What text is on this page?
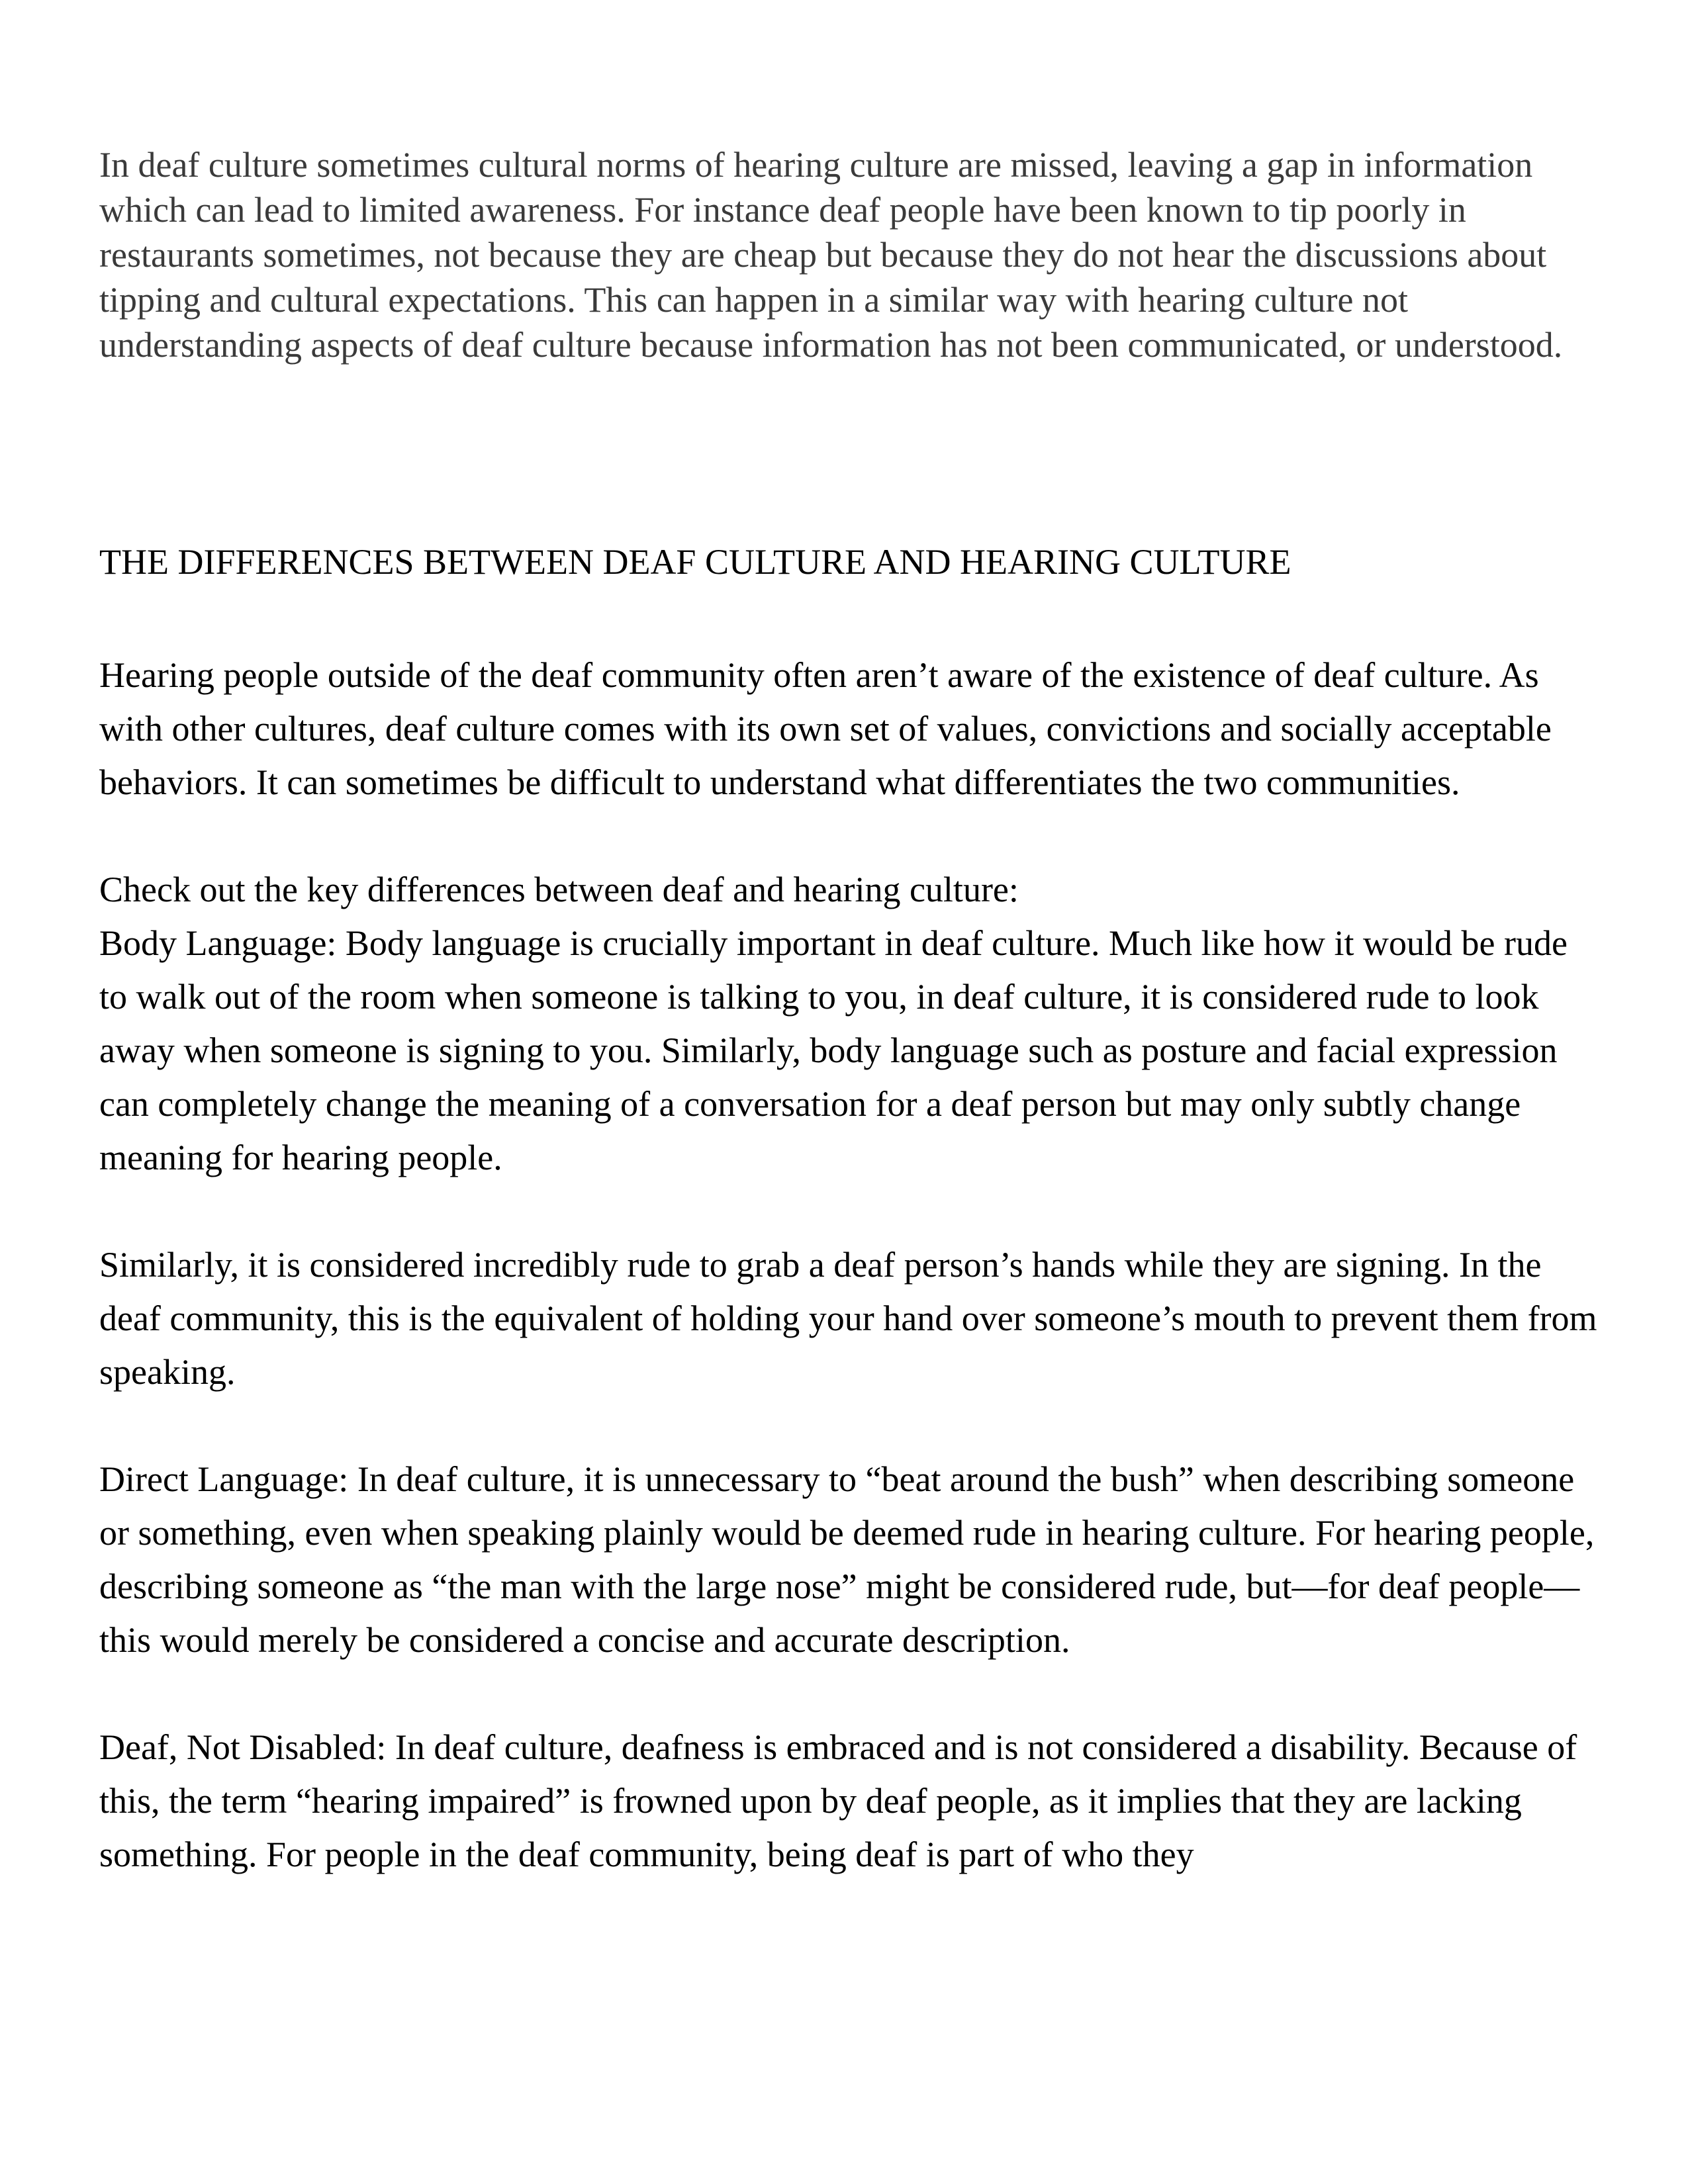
In deaf culture sometimes cultural norms of hearing culture are missed, leaving a gap in information which can lead to limited awareness. For instance deaf people have been known to tip poorly in restaurants sometimes, not because they are cheap but because they do not hear the discussions about tipping and cultural expectations. This can happen in a similar way with hearing culture not understanding aspects of deaf culture because information has not been communicated, or understood.

THE DIFFERENCES BETWEEN DEAF CULTURE AND HEARING CULTURE

Hearing people outside of the deaf community often aren’t aware of the existence of deaf culture. As with other cultures, deaf culture comes with its own set of values, convictions and socially acceptable behaviors. It can sometimes be difficult to understand what differentiates the two communities.

Check out the key differences between deaf and hearing culture:

Body Language: Body language is crucially important in deaf culture. Much like how it would be rude to walk out of the room when someone is talking to you, in deaf culture, it is considered rude to look away when someone is signing to you. Similarly, body language such as posture and facial expression can completely change the meaning of a conversation for a deaf person but may only subtly change meaning for hearing people.

Similarly, it is considered incredibly rude to grab a deaf person’s hands while they are signing. In the deaf community, this is the equivalent of holding your hand over someone’s mouth to prevent them from speaking.

Direct Language: In deaf culture, it is unnecessary to “beat around the bush” when describing someone or something, even when speaking plainly would be deemed rude in hearing culture. For hearing people, describing someone as “the man with the large nose” might be considered rude, but—for deaf people—this would merely be considered a concise and accurate description.

Deaf, Not Disabled: In deaf culture, deafness is embraced and is not considered a disability. Because of this, the term “hearing impaired” is frowned upon by deaf people, as it implies that they are lacking something. For people in the deaf community, being deaf is part of who they
